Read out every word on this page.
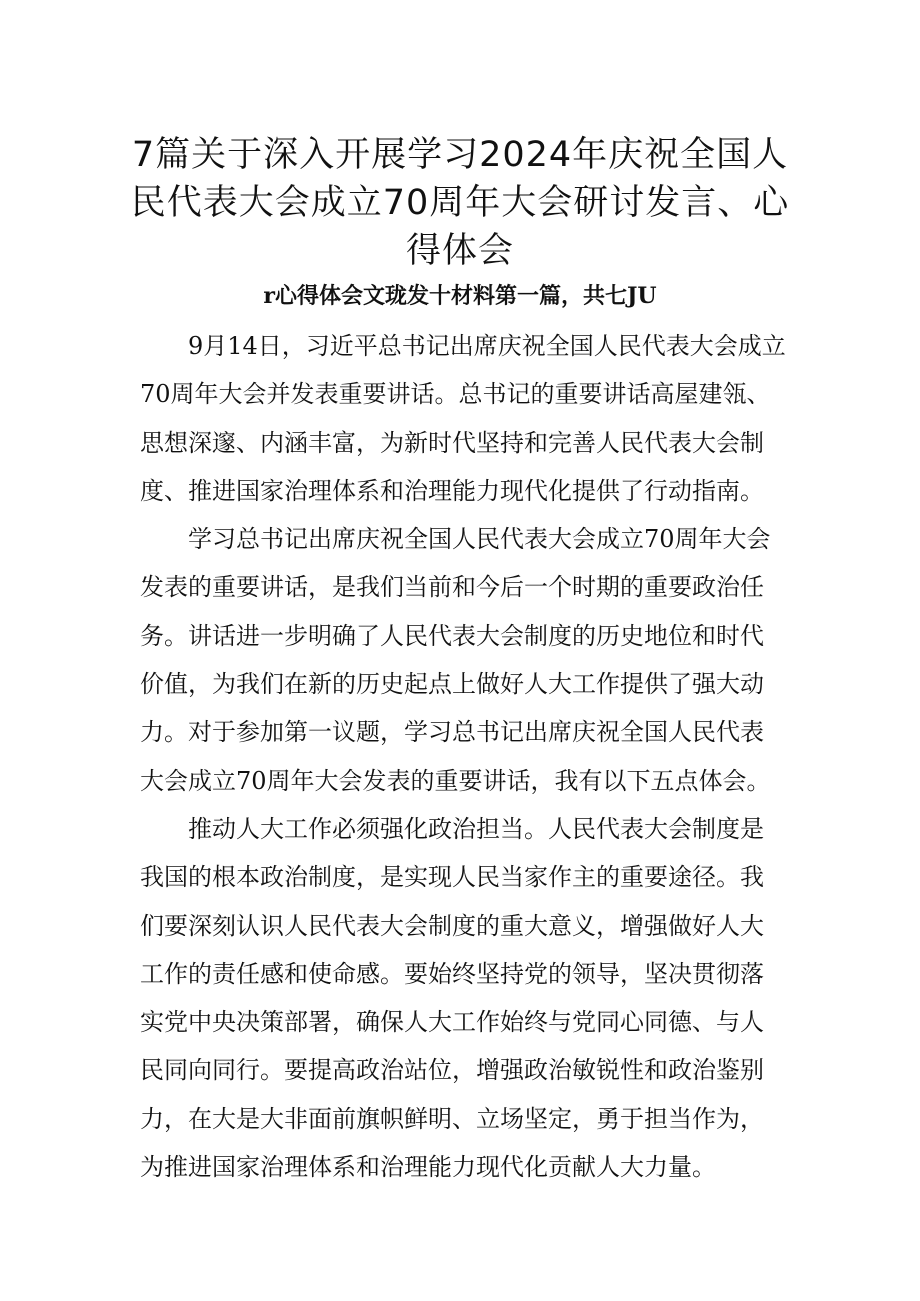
7篇关于深入开展学习2024年庆祝全国人
民代表大会成立70周年大会研讨发言、心
得体会
r心得体会文珑发十材料第一篇，共七JU
9月14日，习近平总书记出席庆祝全国人民代表大会成立
70周年大会并发表重要讲话。总书记的重要讲话高屋建瓴、
思想深邃、内涵丰富，为新时代坚持和完善人民代表大会制
度、推进国家治理体系和治理能力现代化提供了行动指南。
学习总书记出席庆祝全国人民代表大会成立70周年大会
发表的重要讲话，是我们当前和今后一个时期的重要政治任
务。讲话进一步明确了人民代表大会制度的历史地位和时代
价值，为我们在新的历史起点上做好人大工作提供了强大动
力。对于参加第一议题，学习总书记出席庆祝全国人民代表
大会成立70周年大会发表的重要讲话，我有以下五点体会。
推动人大工作必须强化政治担当。人民代表大会制度是
我国的根本政治制度，是实现人民当家作主的重要途径。我
们要深刻认识人民代表大会制度的重大意义，增强做好人大
工作的责任感和使命感。要始终坚持党的领导，坚决贯彻落
实党中央决策部署，确保人大工作始终与党同心同德、与人
民同向同行。要提高政治站位，增强政治敏锐性和政治鉴别
力，在大是大非面前旗帜鲜明、立场坚定，勇于担当作为，
为推进国家治理体系和治理能力现代化贡献人大力量。
